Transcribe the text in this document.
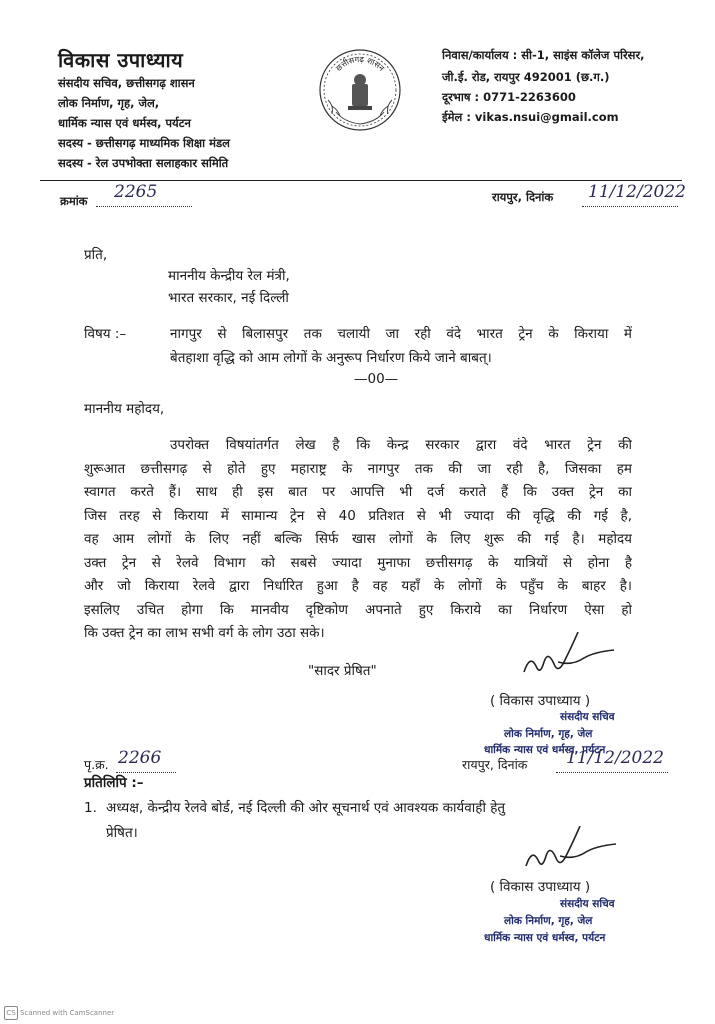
विकास उपाध्याय
संसदीय सचिव, छत्तीसगढ़ शासन
लोक निर्माण, गृह, जेल,
धार्मिक न्यास एवं धर्मस्व, पर्यटन
सदस्य - छत्तीसगढ़ माध्यमिक शिक्षा मंडल
सदस्य - रेल उपभोक्ता सलाहकार समिति
छत्तीसगढ़ शासन
निवास/कार्यालय : सी-1, साइंस कॉलेज परिसर,
जी.ई. रोड, रायपुर 492001 (छ.ग.)
दूरभाष : 0771-2263600
ईमेल : vikas.nsui@gmail.com
क्रमांक 2265	रायपुर, दिनांक 11/12/2022
प्रति,
माननीय केन्द्रीय रेल मंत्री,
भारत सरकार, नई दिल्ली
विषय :–	नागपुर से बिलासपुर तक चलायी जा रही वंदे भारत ट्रेन के किराया में
बेतहाशा वृद्धि को आम लोगों के अनुरूप निर्धारण किये जाने बाबत्।
—00—
माननीय महोदय,
उपरोक्त विषयांतर्गत लेख है कि केन्द्र सरकार द्वारा वंदे भारत ट्रेन की
शुरूआत छत्तीसगढ़ से होते हुए महाराष्ट्र के नागपुर तक की जा रही है, जिसका हम
स्वागत करते हैं। साथ ही इस बात पर आपत्ति भी दर्ज कराते हैं कि उक्त ट्रेन का
जिस तरह से किराया में सामान्य ट्रेन से 40 प्रतिशत से भी ज्यादा की वृद्धि की गई है,
वह आम लोगों के लिए नहीं बल्कि सिर्फ खास लोगों के लिए शुरू की गई है। महोदय
उक्त ट्रेन से रेलवे विभाग को सबसे ज्यादा मुनाफा छत्तीसगढ़ के यात्रियों से होना है
और जो किराया रेलवे द्वारा निर्धारित हुआ है वह यहाँ के लोगों के पहुँच के बाहर है।
इसलिए उचित होगा कि मानवीय दृष्टिकोण अपनाते हुए किराये का निर्धारण ऐसा हो
कि उक्त ट्रेन का लाभ सभी वर्ग के लोग उठा सके।
"सादर प्रेषित"
( विकास उपाध्याय )
संसदीय सचिव
लोक निर्माण, गृह, जेल
धार्मिक न्यास एवं धर्मस्व, पर्यटन
पृ.क्र. 2266	रायपुर, दिनांक 11/12/2022
प्रतिलिपि :–
1. अध्यक्ष, केन्द्रीय रेलवे बोर्ड, नई दिल्ली की ओर सूचनार्थ एवं आवश्यक कार्यवाही हेतु
प्रेषित।
( विकास उपाध्याय )
संसदीय सचिव
लोक निर्माण, गृह, जेल
धार्मिक न्यास एवं धर्मस्व, पर्यटन
CS Scanned with CamScanner
